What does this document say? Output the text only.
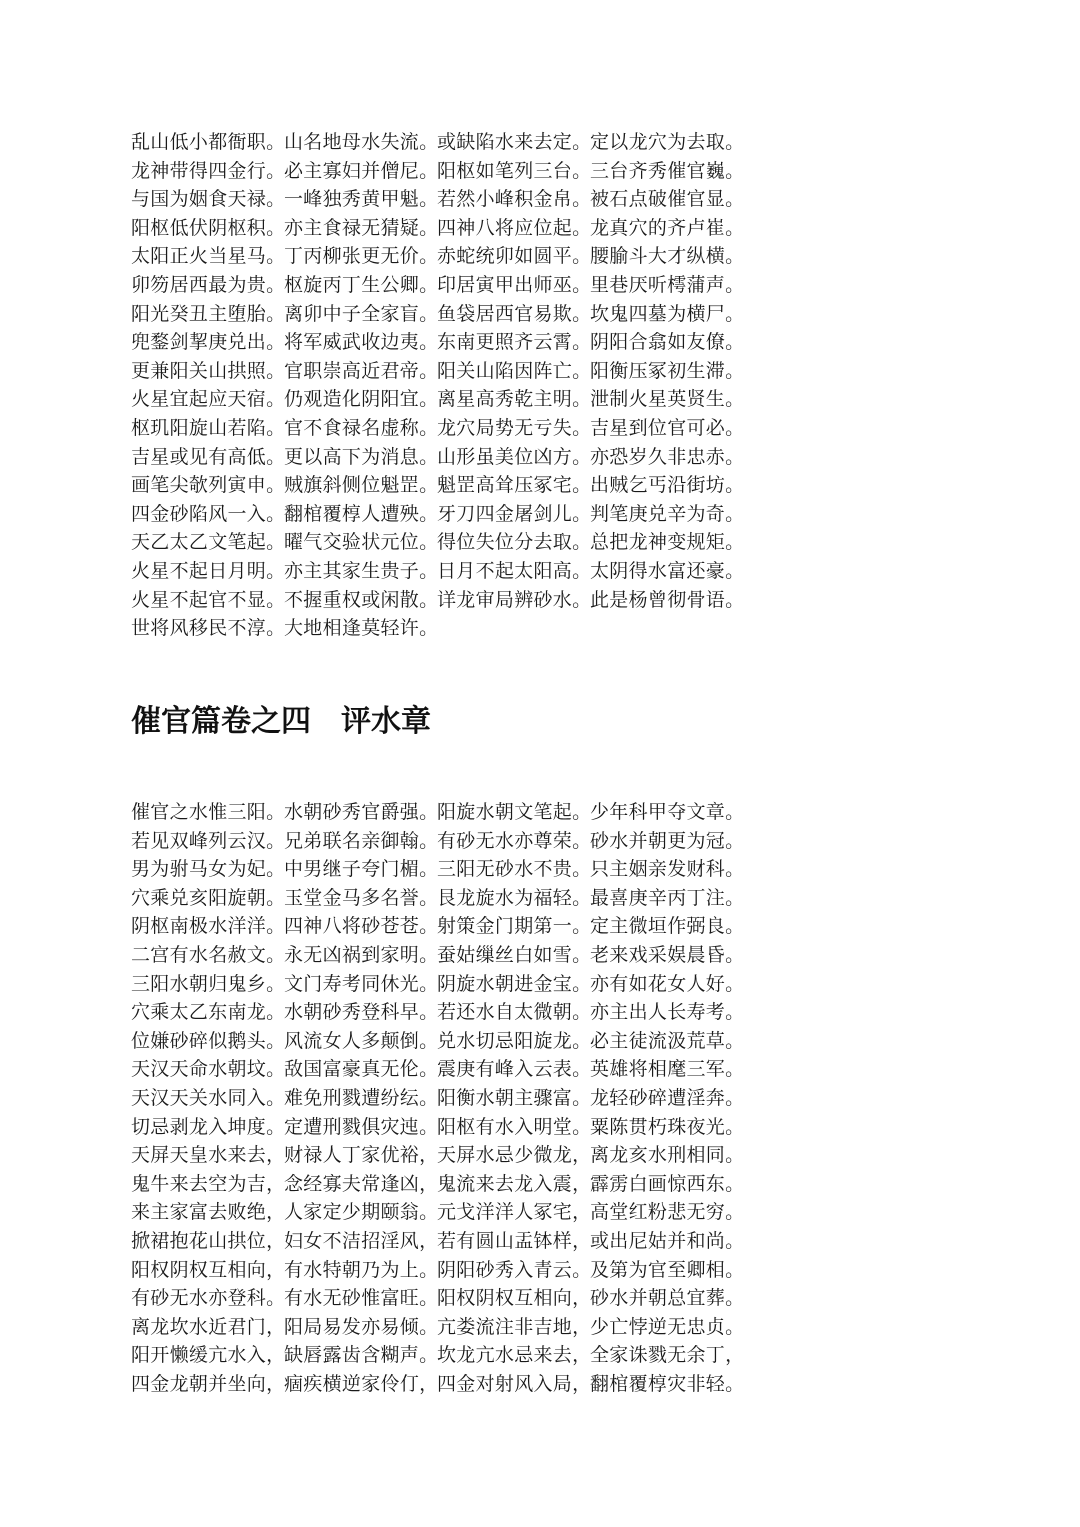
乱山低小都衙职。山名地母水失流。或缺陷水来去定。定以龙穴为去取。
龙神带得四金行。必主寡妇并僧尼。阳枢如笔列三台。三台齐秀催官巍。
与国为姻食天禄。一峰独秀黄甲魁。若然小峰积金帛。被石点破催官显。
阳枢低伏阴枢积。亦主食禄无猜疑。四神八将应位起。龙真穴的齐卢崔。
太阳正火当星马。丁丙柳张更无价。赤蛇统卯如圆平。腰腧斗大才纵横。
卯笏居西最为贵。枢旋丙丁生公卿。印居寅甲出师巫。里巷厌听樗蒲声。
阳光癸丑主堕胎。离卯中子全家盲。鱼袋居西官易欺。坎鬼四墓为横尸。
兜鍪剑挈庚兑出。将军威武收边夷。东南更照齐云霄。阴阳合翕如友僚。
更兼阳关山拱照。官职崇高近君帝。阳关山陷因阵亡。阳衡压冢初生滞。
火星宜起应天宿。仍观造化阴阳宜。离星高秀乾主明。泄制火星英贤生。
枢玑阳旋山若陷。官不食禄名虚称。龙穴局势无亏失。吉星到位官可必。
吉星或见有高低。更以高下为消息。山形虽美位凶方。亦恐岁久非忠赤。
画笔尖欹列寅申。贼旗斜侧位魁罡。魁罡高耸压冢宅。出贼乞丐沿街坊。
四金砂陷风一入。翻棺覆椁人遭殃。牙刀四金屠剑儿。判笔庚兑辛为奇。
天乙太乙文笔起。曜气交验状元位。得位失位分去取。总把龙神变规矩。
火星不起日月明。亦主其家生贵子。日月不起太阳高。太阴得水富还豪。
火星不起官不显。不握重权或闲散。详龙审局辨砂水。此是杨曾彻骨语。
世将风移民不淳。大地相逢莫轻许。
催官篇卷之四 评水章
催官之水惟三阳。水朝砂秀官爵强。阳旋水朝文笔起。少年科甲夺文章。
若见双峰列云汉。兄弟联名亲御翰。有砂无水亦尊荣。砂水并朝更为冠。
男为驸马女为妃。中男继子夸门楣。三阳无砂水不贵。只主姻亲发财科。
穴乘兑亥阳旋朝。玉堂金马多名誉。艮龙旋水为福轻。最喜庚辛丙丁注。
阴枢南极水洋洋。四神八将砂苍苍。射策金门期第一。定主微垣作弼良。
二宫有水名赦文。永无凶祸到家明。蚕姑缫丝白如雪。老来戏采娱晨昏。
三阳水朝归鬼乡。文门寿考同休光。阴旋水朝进金宝。亦有如花女人好。
穴乘太乙东南龙。水朝砂秀登科早。若还水自太微朝。亦主出人长寿考。
位嫌砂碎似鹅头。风流女人多颠倒。兑水切忌阳旋龙。必主徒流汲荒草。
天汉天命水朝坟。敌国富豪真无伦。震庚有峰入云表。英雄将相麾三军。
天汉天关水同入。难免刑戮遭纷纭。阳衡水朝主骤富。龙轻砂碎遭淫奔。
切忌剥龙入坤度。定遭刑戮俱灾迍。阳枢有水入明堂。粟陈贯朽珠夜光。
天屏天皇水来去，财禄人丁家优裕，天屏水忌少微龙，离龙亥水刑相同。
鬼牛来去空为吉，念经寡夫常逢凶，鬼流来去龙入震，霹雳白画惊西东。
来主家富去败绝，人家定少期颐翁。元戈洋洋人冢宅，高堂红粉悲无穷。
掀裙抱花山拱位，妇女不洁招淫风，若有圆山盂钵样，或出尼姑并和尚。
阳权阴权互相向，有水特朝乃为上。阴阳砂秀入青云。及第为官至卿相。
有砂无水亦登科。有水无砂惟富旺。阳权阴权互相向，砂水并朝总宜葬。
离龙坎水近君门，阳局易发亦易倾。亢娄流注非吉地，少亡悖逆无忠贞。
阳开懒缓亢水入，缺唇露齿含糊声。坎龙亢水忌来去，全家诛戮无余丁，
四金龙朝并坐向，痼疾横逆家伶仃，四金对射风入局，翻棺覆椁灾非轻。
